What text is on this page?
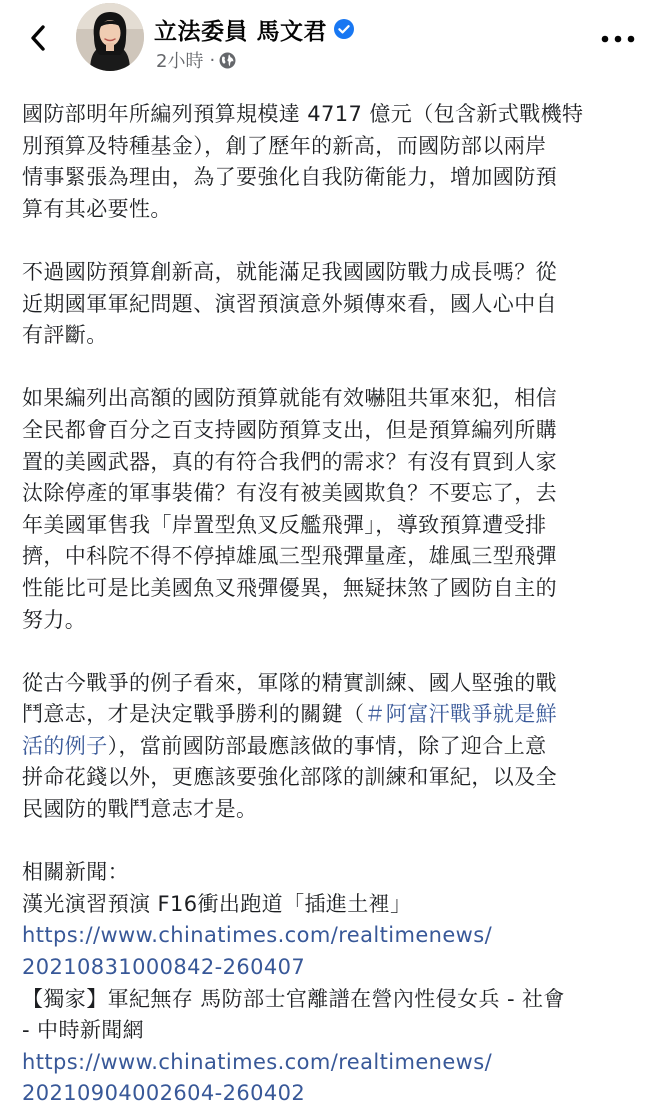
立法委員 馬文君
2小時 ·

國防部明年所編列預算規模達 4717 億元（包含新式戰機特
別預算及特種基金），創了歷年的新高，而國防部以兩岸
情事緊張為理由，為了要強化自我防衛能力，增加國防預
算有其必要性。

不過國防預算創新高，就能滿足我國國防戰力成長嗎？從
近期國軍軍紀問題、演習預演意外頻傳來看，國人心中自
有評斷。

如果編列出高額的國防預算就能有效嚇阻共軍來犯，相信
全民都會百分之百支持國防預算支出，但是預算編列所購
置的美國武器，真的有符合我們的需求？有沒有買到人家
汰除停產的軍事裝備？有沒有被美國欺負？不要忘了，去
年美國軍售我「岸置型魚叉反艦飛彈」，導致預算遭受排
擠，中科院不得不停掉雄風三型飛彈量產，雄風三型飛彈
性能比可是比美國魚叉飛彈優異，無疑抹煞了國防自主的
努力。

從古今戰爭的例子看來，軍隊的精實訓練、國人堅強的戰
鬥意志，才是決定戰爭勝利的關鍵（＃阿富汗戰爭就是鮮
活的例子），當前國防部最應該做的事情，除了迎合上意
拼命花錢以外，更應該要強化部隊的訓練和軍紀，以及全
民國防的戰鬥意志才是。

相關新聞：
漢光演習預演 F16衝出跑道「插進土裡」
https://www.chinatimes.com/realtimenews/
20210831000842-260407
【獨家】軍紀無存 馬防部士官離譜在營內性侵女兵 - 社會
- 中時新聞網
https://www.chinatimes.com/realtimenews/
20210904002604-260402
